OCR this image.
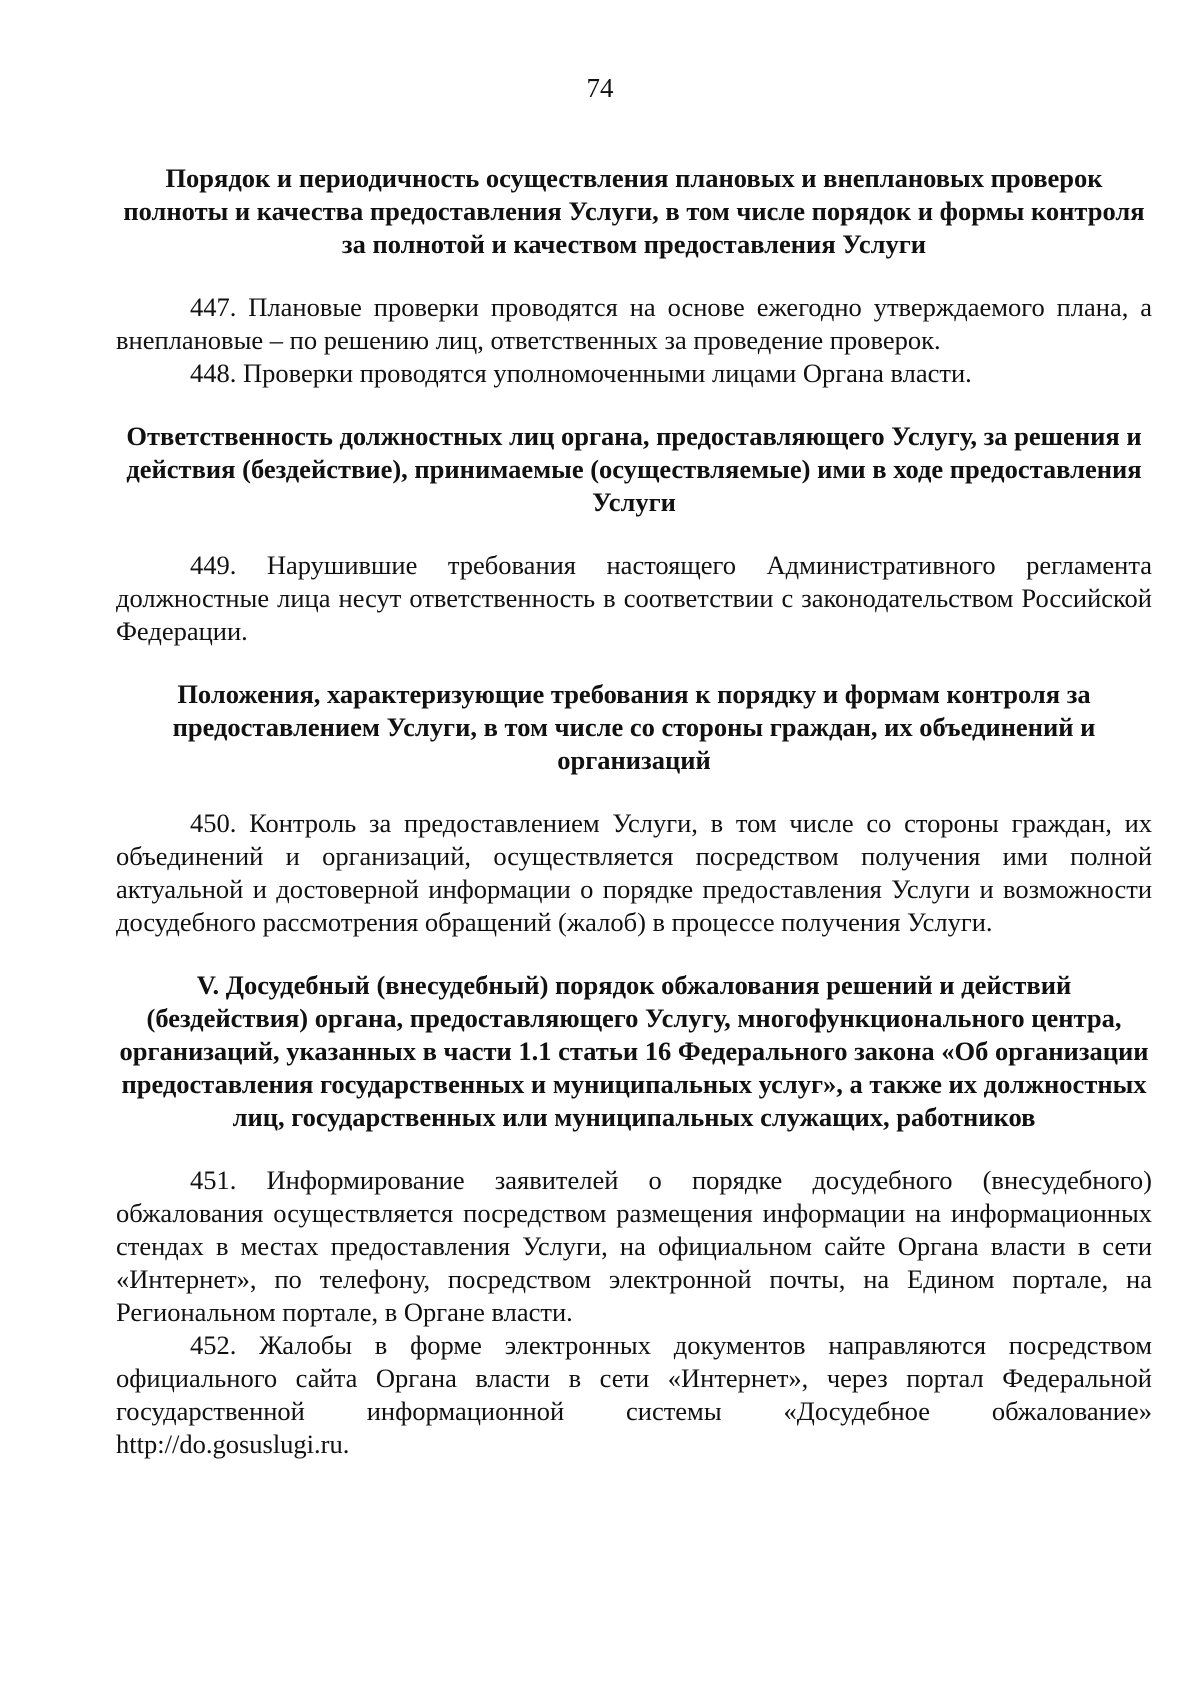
74
Порядок и периодичность осуществления плановых и внеплановых проверок полноты и качества предоставления Услуги, в том числе порядок и формы контроля за полнотой и качеством предоставления Услуги

447. Плановые проверки проводятся на основе ежегодно утверждаемого плана, а внеплановые – по решению лиц, ответственных за проведение проверок.

448. Проверки проводятся уполномоченными лицами Органа власти.

Ответственность должностных лиц органа, предоставляющего Услугу, за решения и действия (бездействие), принимаемые (осуществляемые) ими в ходе предоставления Услуги

449. Нарушившие требования настоящего Административного регламента должностные лица несут ответственность в соответствии с законодательством Российской Федерации.

Положения, характеризующие требования к порядку и формам контроля за предоставлением Услуги, в том числе со стороны граждан, их объединений и организаций

450. Контроль за предоставлением Услуги, в том числе со стороны граждан, их объединений и организаций, осуществляется посредством получения ими полной актуальной и достоверной информации о порядке предоставления Услуги и возможности досудебного рассмотрения обращений (жалоб) в процессе получения Услуги.

V. Досудебный (внесудебный) порядок обжалования решений и действий (бездействия) органа, предоставляющего Услугу, многофункционального центра, организаций, указанных в части 1.1 статьи 16 Федерального закона «Об организации предоставления государственных и муниципальных услуг», а также их должностных лиц, государственных или муниципальных служащих, работников

451. Информирование заявителей о порядке досудебного (внесудебного) обжалования осуществляется посредством размещения информации на информационных стендах в местах предоставления Услуги, на официальном сайте Органа власти в сети «Интернет», по телефону, посредством электронной почты, на Едином портале, на Региональном портале, в Органе власти.

452. Жалобы в форме электронных документов направляются посредством официального сайта Органа власти в сети «Интернет», через портал Федеральной государственной информационной системы «Досудебное обжалование» http://do.gosuslugi.ru.
